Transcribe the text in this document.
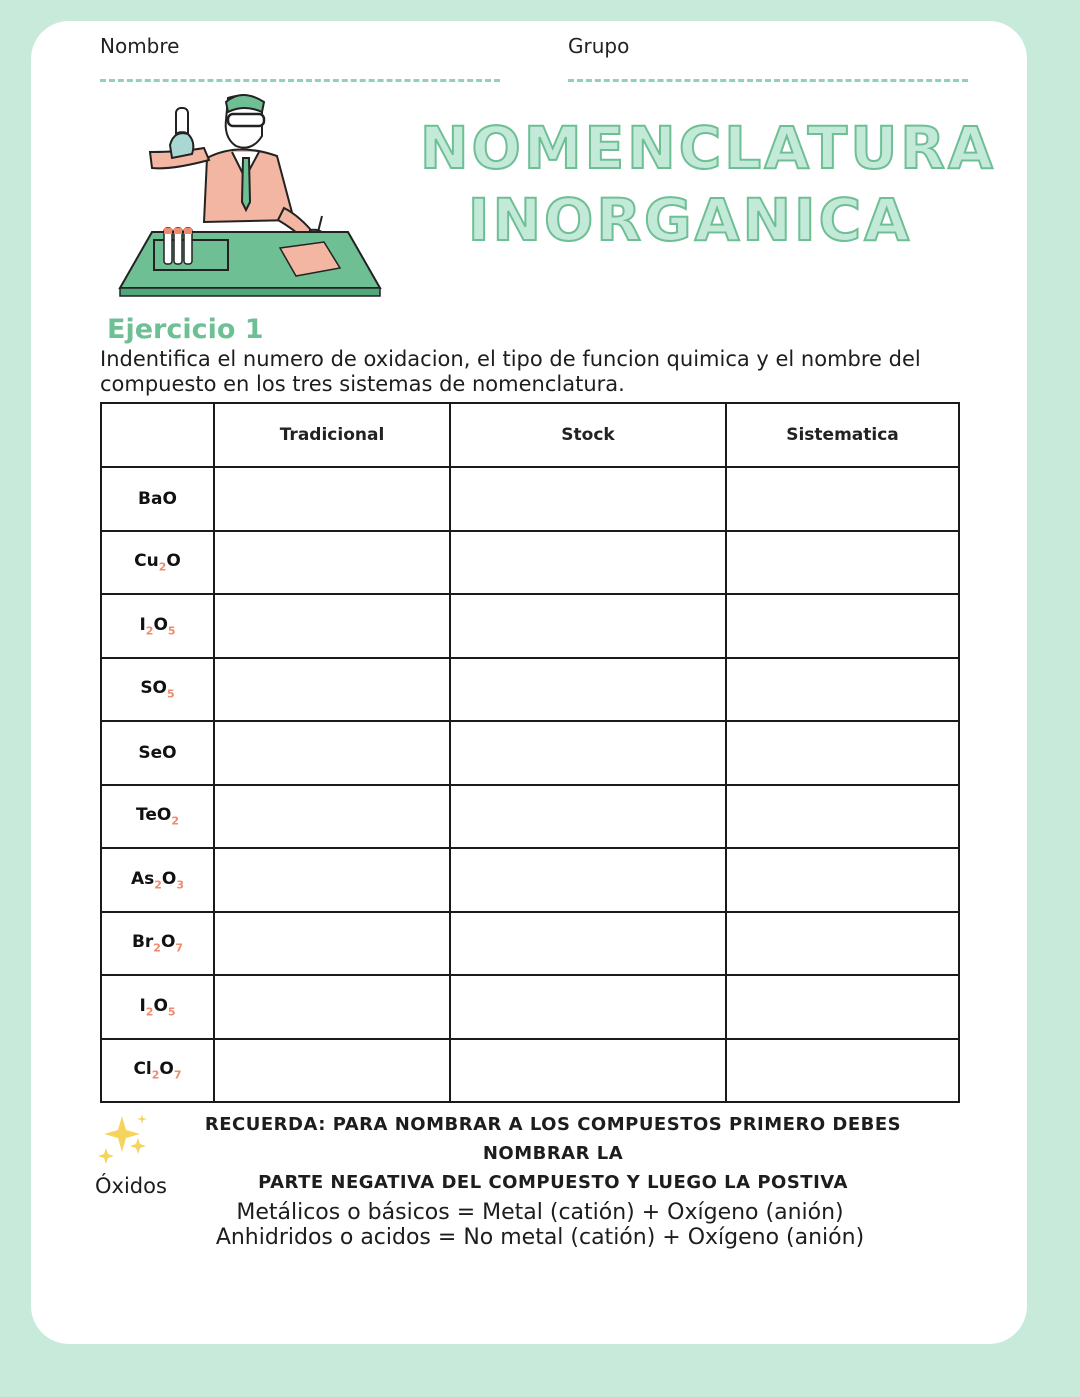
Nombre	Grupo
NOMENCLATURA
INORGANICA
Ejercicio 1
Indentifica el numero de oxidacion, el tipo de funcion quimica y el nombre del compuesto en los tres sistemas de nomenclatura.
	Tradicional	Stock	Sistematica
BaO			
$Cu_2O$			
$I_2O_5$			
$SO_5$			
SeO			
TeO$_2$			
$As_2O_3$			
$Br_2O_7$			
$I_2O_5$			
$Cl_2O_7$			
RECUERDA: PARA NOMBRAR A LOS COMPUESTOS PRIMERO DEBES NOMBRAR LA
PARTE NEGATIVA DEL COMPUESTO Y LUEGO LA POSTIVA
Óxidos
Metálicos o básicos = Metal (catión) + Oxígeno (anión)
Anhidridos o acidos = No metal (catión) + Oxígeno (anión)
